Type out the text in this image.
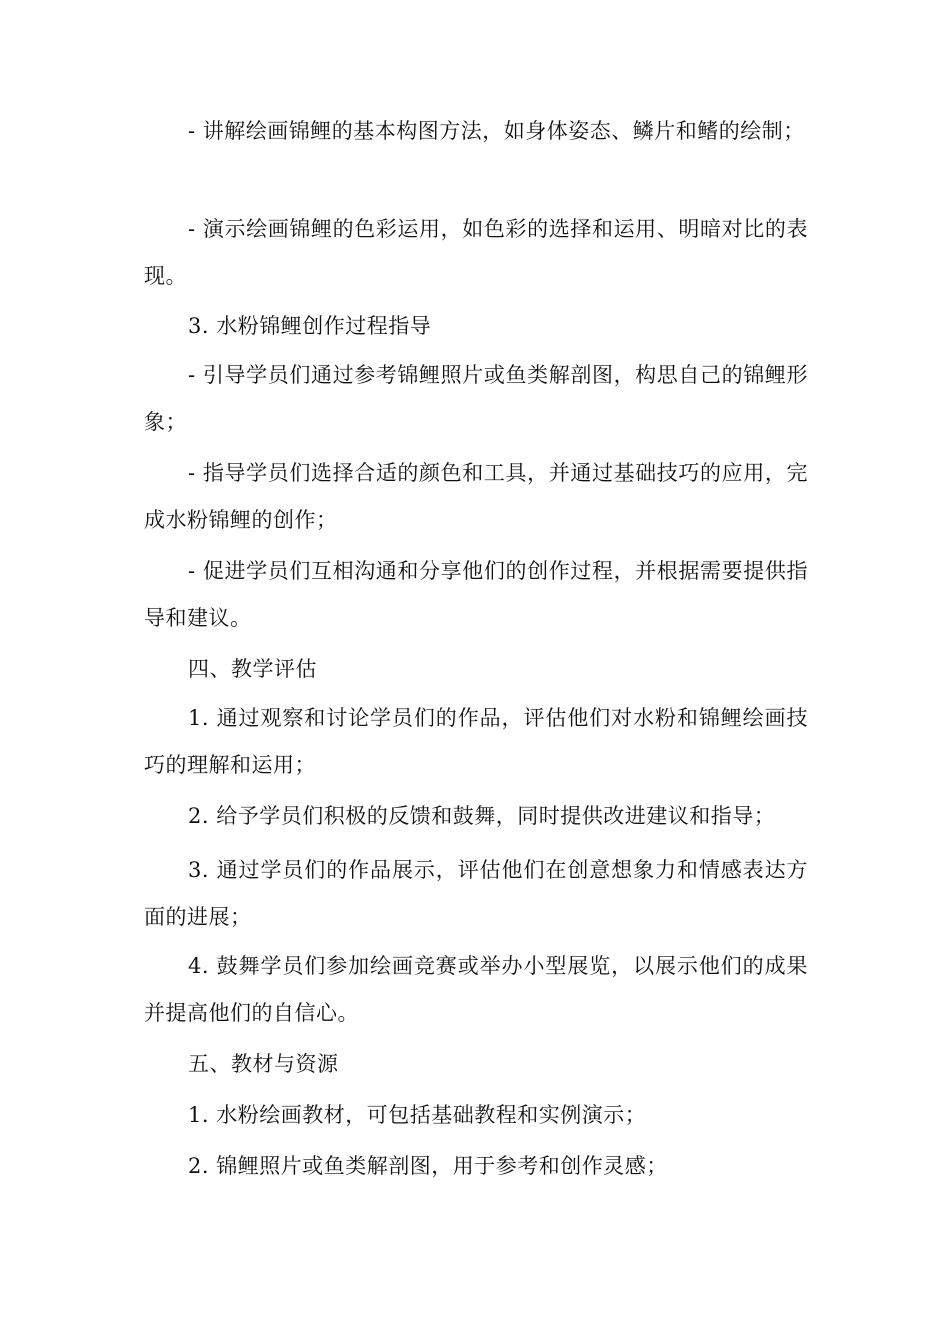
- 讲解绘画锦鲤的基本构图方法，如身体姿态、鳞片和鳍的绘制；

- 演示绘画锦鲤的色彩运用，如色彩的选择和运用、明暗对比的表现。

3. 水粉锦鲤创作过程指导

- 引导学员们通过参考锦鲤照片或鱼类解剖图，构思自己的锦鲤形象；

- 指导学员们选择合适的颜色和工具，并通过基础技巧的应用，完成水粉锦鲤的创作；

- 促进学员们互相沟通和分享他们的创作过程，并根据需要提供指导和建议。

四、教学评估

1. 通过观察和讨论学员们的作品，评估他们对水粉和锦鲤绘画技巧的理解和运用；

2. 给予学员们积极的反馈和鼓舞，同时提供改进建议和指导；

3. 通过学员们的作品展示，评估他们在创意想象力和情感表达方面的进展；

4. 鼓舞学员们参加绘画竞赛或举办小型展览，以展示他们的成果并提高他们的自信心。

五、教材与资源

1. 水粉绘画教材，可包括基础教程和实例演示；

2. 锦鲤照片或鱼类解剖图，用于参考和创作灵感；
